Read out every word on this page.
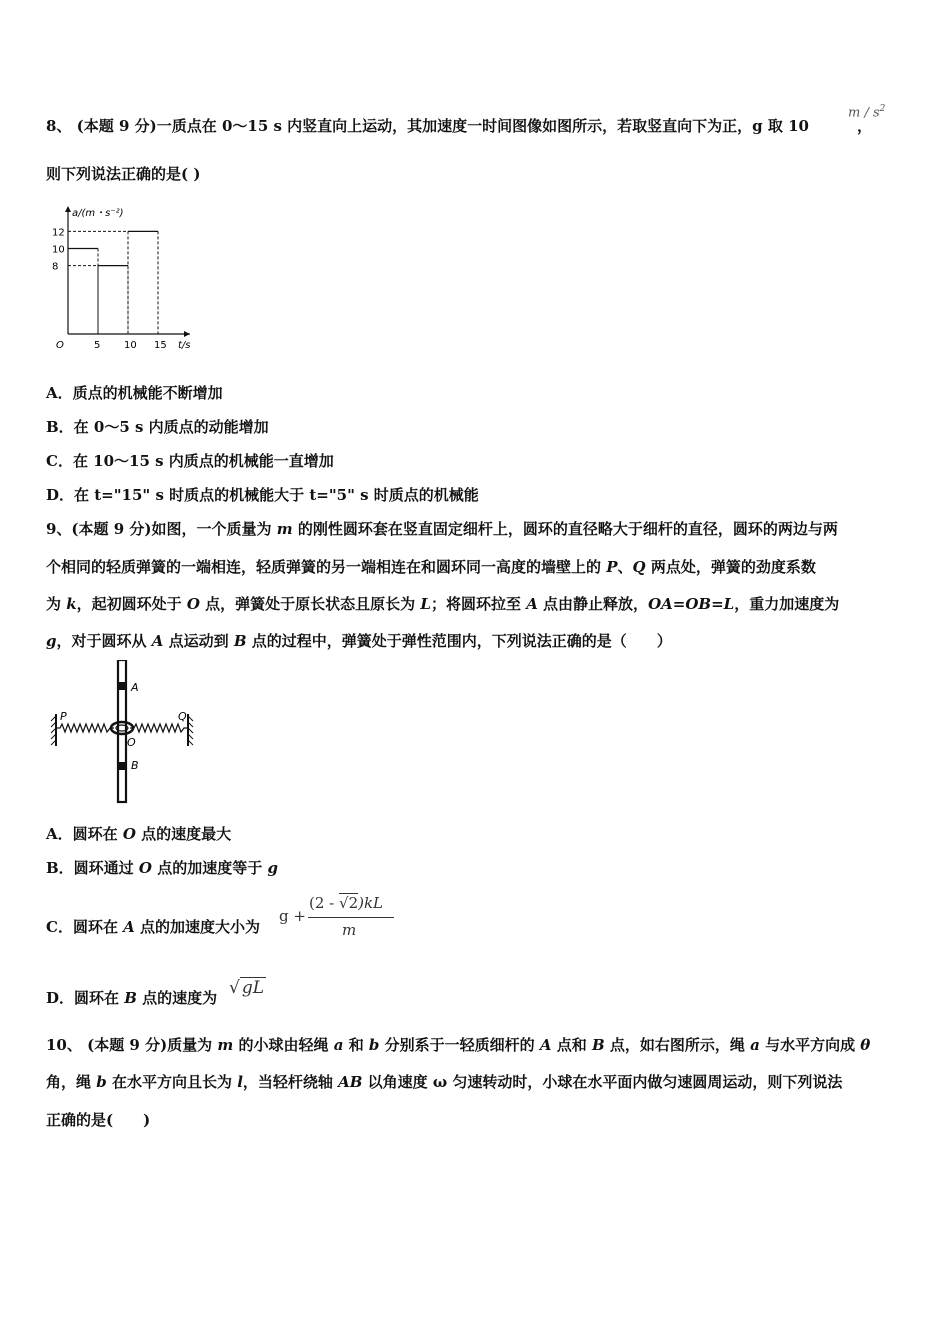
8、 (本题 9 分)一质点在 0～15 s 内竖直向上运动，其加速度一时间图像如图所示，若取竖直向下为正，g 取 10	，
m / $s^2$
则下列说法正确的是( )
a/(m・s⁻²)
t/s
O	5 10 15
12
10
8
A．质点的机械能不断增加
B．在 0～5 s 内质点的动能增加
C．在 10～15 s 内质点的机械能一直增加
D．在 t="15" s 时质点的机械能大于 t="5" s 时质点的机械能
9、(本题 9 分)如图，一个质量为 m 的刚性圆环套在竖直固定细杆上，圆环的直径略大于细杆的直径，圆环的两边与两
个相同的轻质弹簧的一端相连，轻质弹簧的另一端相连在和圆环同一高度的墙壁上的 P、Q 两点处，弹簧的劲度系数
为 k，起初圆环处于 O 点，弹簧处于原长状态且原长为 L；将圆环拉至 A 点由静止释放，OA=OB=L，重力加速度为
g，对于圆环从 A 点运动到 B 点的过程中，弹簧处于弹性范围内，下列说法正确的是（　　）
A
P	Q
O
B
A．圆环在 O 点的速度最大
B．圆环通过 O 点的加速度等于 g
C．圆环在 A 点的加速度大小为
g +
(2 - √2)kL
m
D．圆环在 B 点的速度为 √ gL
10、 (本题 9 分)质量为 m 的小球由轻绳 a 和 b 分别系于一轻质细杆的 A 点和 B 点，如右图所示，绳 a 与水平方向成 θ
角，绳 b 在水平方向且长为 l，当轻杆绕轴 AB 以角速度 ω 匀速转动时，小球在水平面内做匀速圆周运动，则下列说法
正确的是(　　)
